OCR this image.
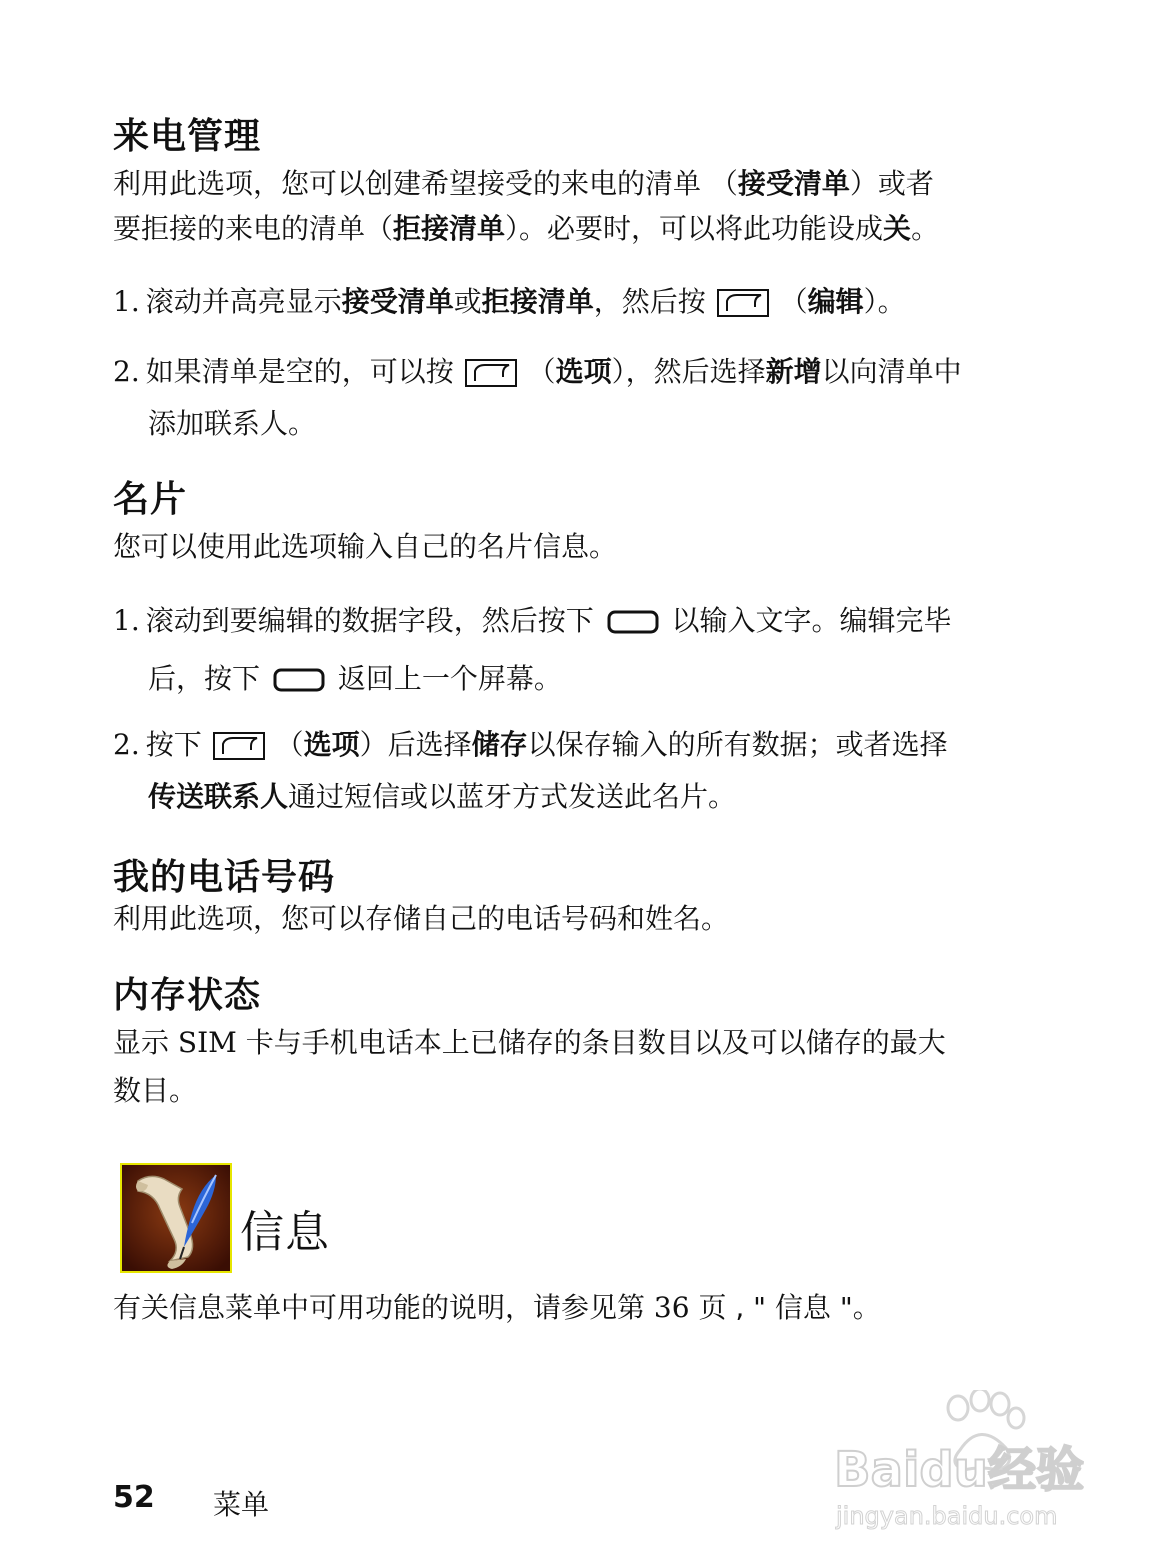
来电管理
利用此选项，您可以创建希望接受的来电的清单 （接受清单）或者
要拒接的来电的清单（拒接清单）。必要时，可以将此功能设成关。
1. 滚动并高亮显示接受清单或拒接清单，然后按	（编辑）。
2. 如果清单是空的，可以按	（选项），然后选择新增以向清单中
添加联系人。
名片
您可以使用此选项输入自己的名片信息。
1. 滚动到要编辑的数据字段，然后按下	以输入文字。编辑完毕
后，按下	返回上一个屏幕。
2. 按下	（选项）后选择储存以保存输入的所有数据；或者选择
传送联系人通过短信或以蓝牙方式发送此名片。
我的电话号码
利用此选项，您可以存储自己的电话号码和姓名。
内存状态
显示 SIM 卡与手机电话本上已储存的条目数目以及可以储存的最大
数目。
信息
有关信息菜单中可用功能的说明，请参见第 36 页 , " 信息 "。
52 菜单
Baidu经验
jingyan.baidu.com
